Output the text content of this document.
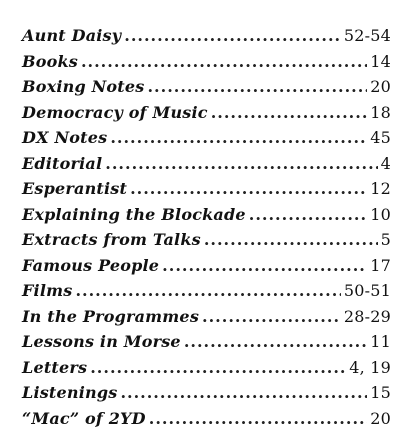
Aunt Daisy .....	52-54
Books .....	14
Boxing Notes .....	20
Democracy of Music .....	18
DX Notes .....	45
Editorial .....	4
Esperantist .....	12
Explaining the Blockade .....	10
Extracts from Talks .....	5
Famous People .....	17
Films .....	50-51
In the Programmes .....	28-29
Lessons in Morse .....	11
Letters .....	4, 19
Listenings .....	15
“Mac” of 2YD .....	20
